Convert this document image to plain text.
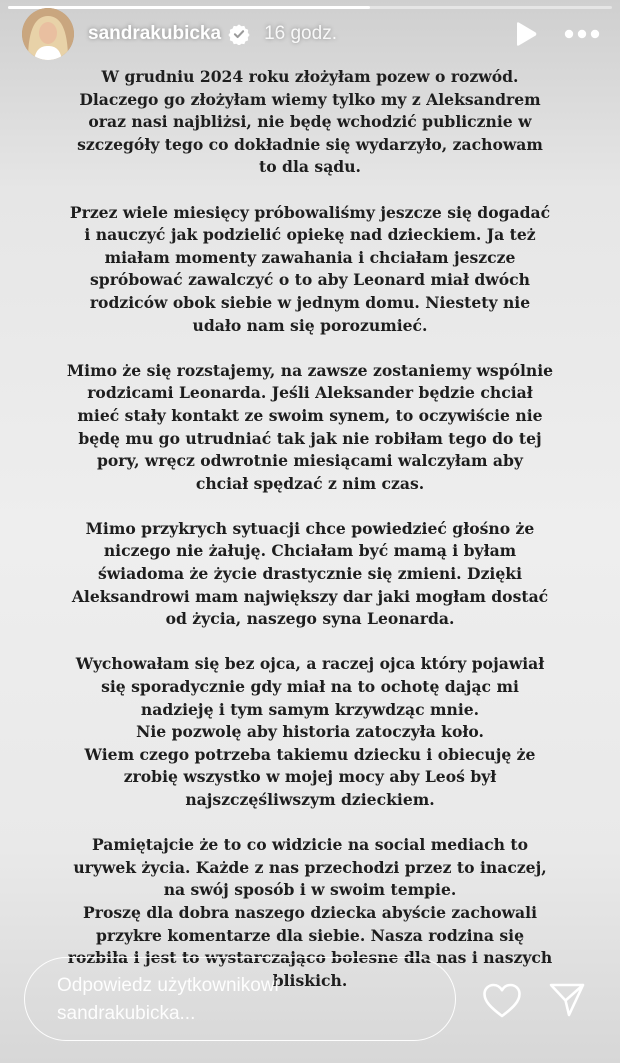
sandrakubicka 16 godz.
W grudniu 2024 roku złożyłam pozew o rozwód.
Dlaczego go złożyłam wiemy tylko my z Aleksandrem
oraz nasi najbliżsi, nie będę wchodzić publicznie w
szczegóły tego co dokładnie się wydarzyło, zachowam
to dla sądu.
Przez wiele miesięcy próbowaliśmy jeszcze się dogadać
i nauczyć jak podzielić opiekę nad dzieckiem. Ja też
miałam momenty zawahania i chciałam jeszcze
spróbować zawalczyć o to aby Leonard miał dwóch
rodziców obok siebie w jednym domu. Niestety nie
udało nam się porozumieć.
Mimo że się rozstajemy, na zawsze zostaniemy wspólnie
rodzicami Leonarda. Jeśli Aleksander będzie chciał
mieć stały kontakt ze swoim synem, to oczywiście nie
będę mu go utrudniać tak jak nie robiłam tego do tej
pory, wręcz odwrotnie miesiącami walczyłam aby
chciał spędzać z nim czas.
Mimo przykrych sytuacji chce powiedzieć głośno że
niczego nie żałuję. Chciałam być mamą i byłam
świadoma że życie drastycznie się zmieni. Dzięki
Aleksandrowi mam największy dar jaki mogłam dostać
od życia, naszego syna Leonarda.
Wychowałam się bez ojca, a raczej ojca który pojawiał
się sporadycznie gdy miał na to ochotę dając mi
nadzieję i tym samym krzywdząc mnie.
Nie pozwolę aby historia zatoczyła koło.
Wiem czego potrzeba takiemu dziecku i obiecuję że
zrobię wszystko w mojej mocy aby Leoś był
najszczęśliwszym dzieckiem.
Pamiętajcie że to co widzicie na social mediach to
urywek życia. Każde z nas przechodzi przez to inaczej,
na swój sposób i w swoim tempie.
Proszę dla dobra naszego dziecka abyście zachowali
przykre komentarze dla siebie. Nasza rodzina się
rozbiła i jest to wystarczająco bolesne dla nas i naszych
bliskich.
Odpowiedz użytkownikowi
sandrakubicka...
